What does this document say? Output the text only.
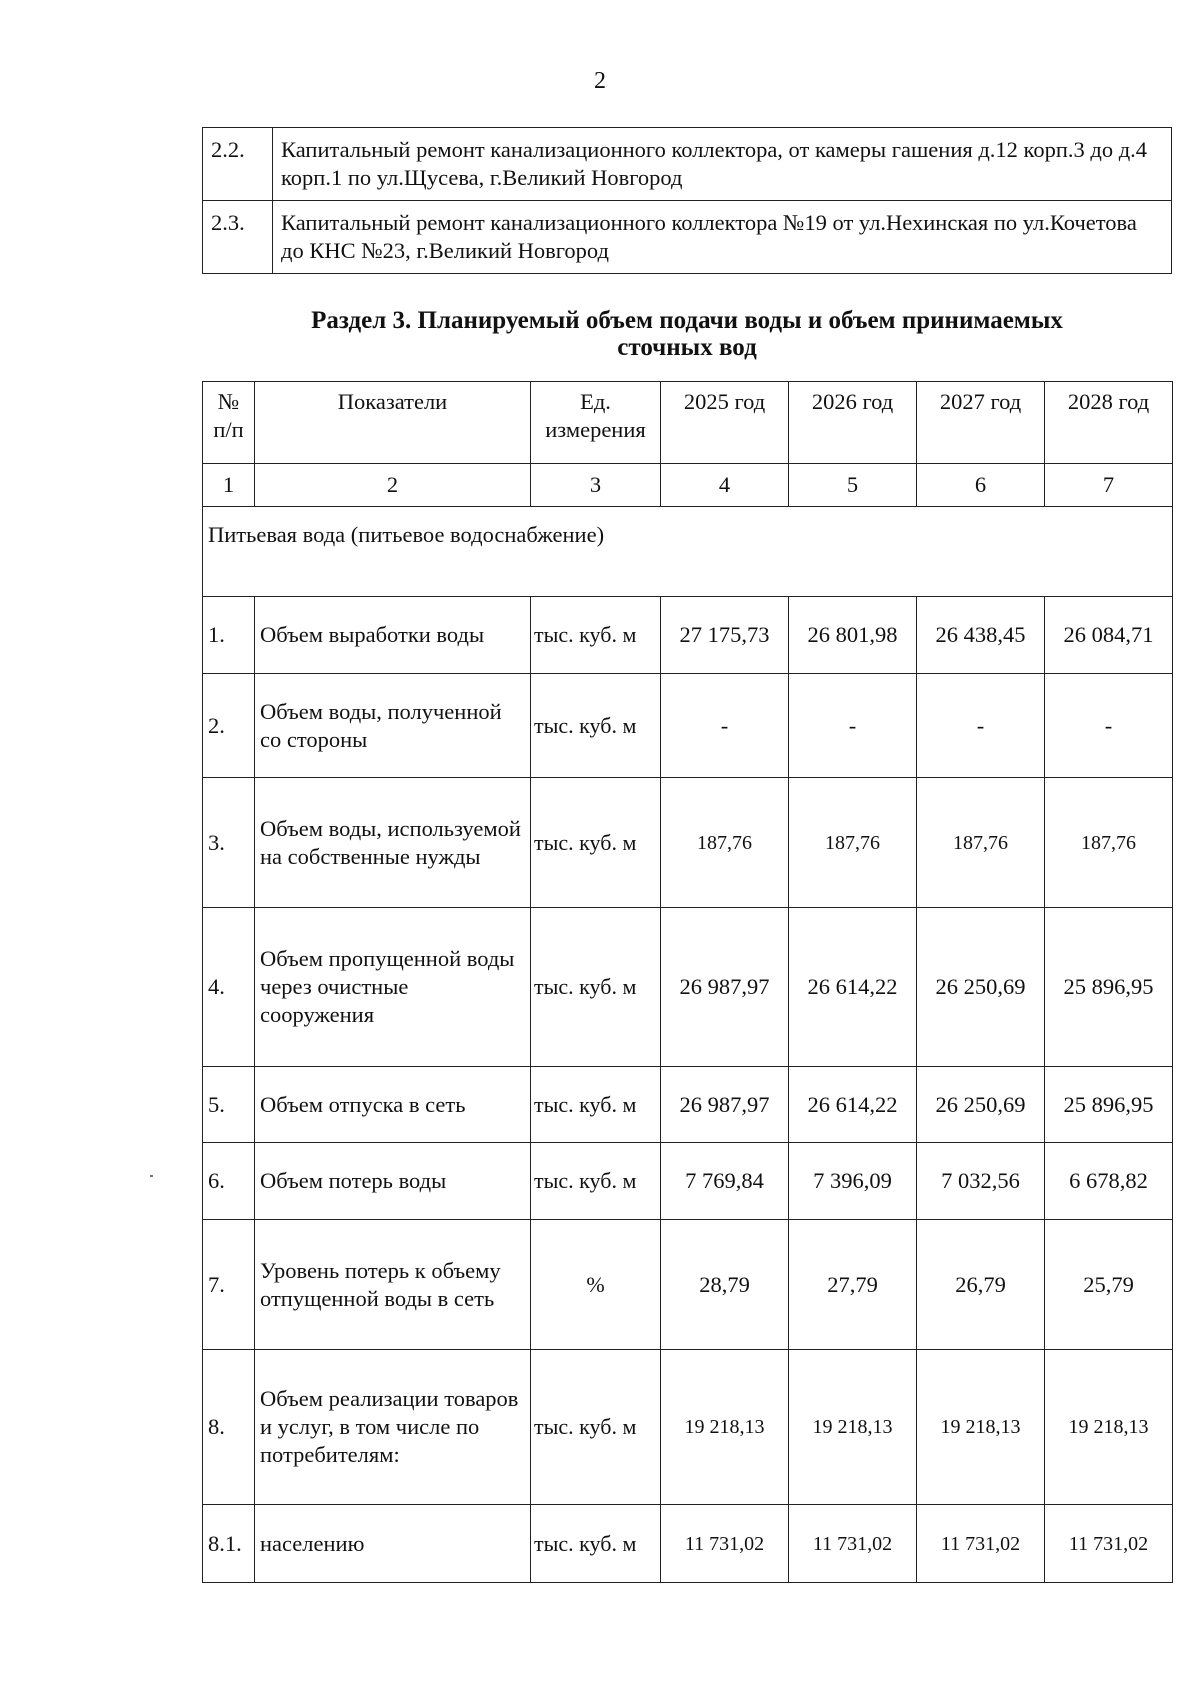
2
2.2.	Капитальный ремонт канализационного коллектора, от камеры гашения д.12 корп.3 до д.4 корп.1 по ул.Щусева, г.Великий Новгород
2.3.	Капитальный ремонт канализационного коллектора №19 от ул.Нехинская по ул.Кочетова до КНС №23, г.Великий Новгород
Раздел 3. Планируемый объем подачи воды и объем принимаемых
сточных вод
№ п/п	Показатели	Ед. измерения	2025 год	2026 год	2027 год	2028 год
1	2	3	4	5	6	7
Питьевая вода (питьевое водоснабжение)						
1.	Объем выработки воды	тыс. куб. м	27 175,73	26 801,98	26 438,45	26 084,71
2.	Объем воды, полученной со стороны	тыс. куб. м	-	-	-	-
3.	Объем воды, используемой на собственные нужды	тыс. куб. м	187,76	187,76	187,76	187,76
4.	Объем пропущенной воды через очистные сооружения	тыс. куб. м	26 987,97	26 614,22	26 250,69	25 896,95
5.	Объем отпуска в сеть	тыс. куб. м	26 987,97	26 614,22	26 250,69	25 896,95
6.	Объем потерь воды	тыс. куб. м	7 769,84	7 396,09	7 032,56	6 678,82
7.	Уровень потерь к объему отпущенной воды в сеть	%	28,79	27,79	26,79	25,79
8.	Объем реализации товаров и услуг, в том числе по потребителям:	тыс. куб. м	19 218,13	19 218,13	19 218,13	19 218,13
8.1.	населению	тыс. куб. м	11 731,02	11 731,02	11 731,02	11 731,02
